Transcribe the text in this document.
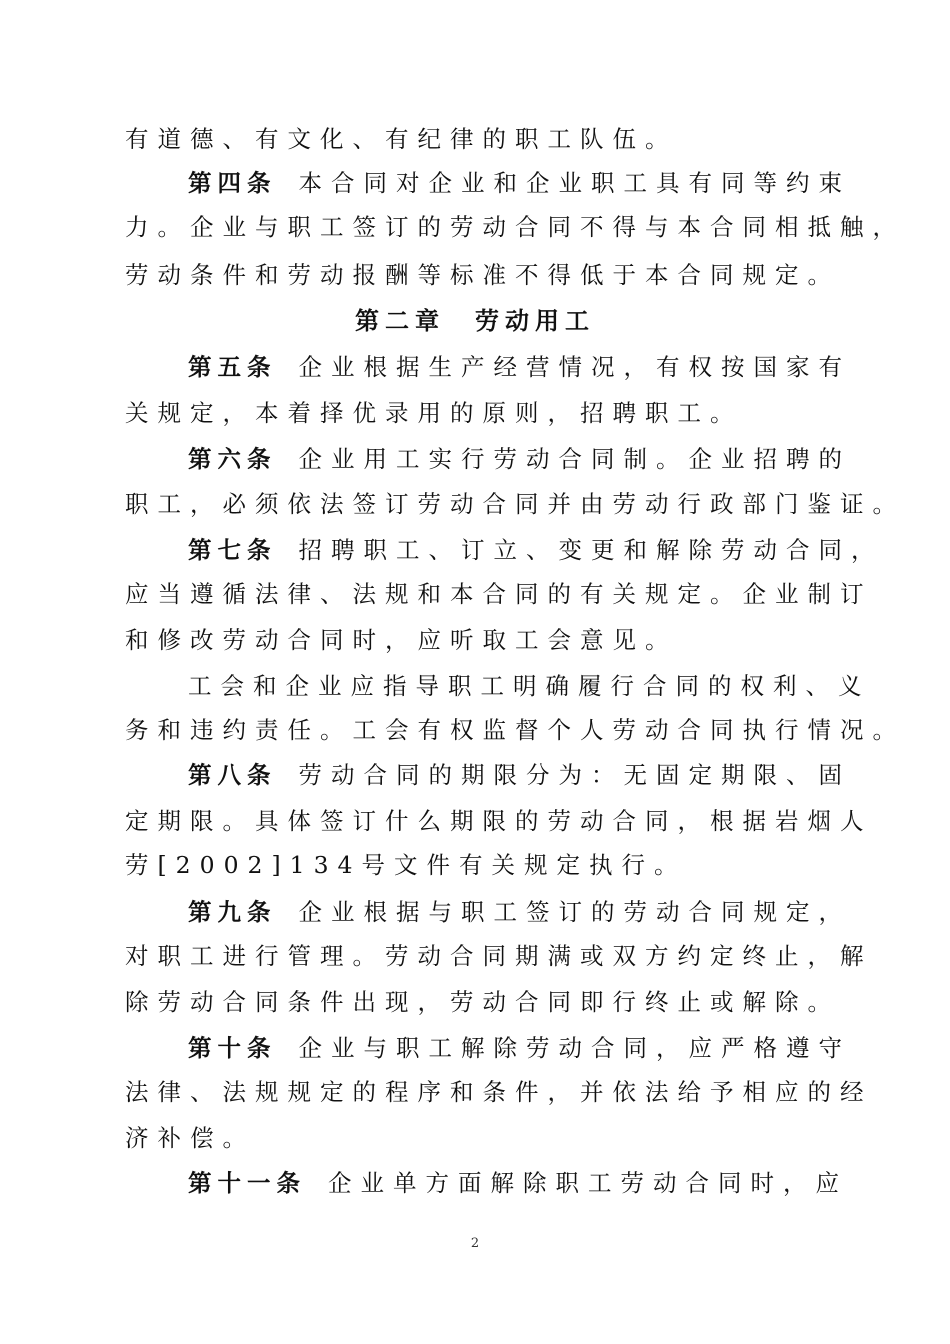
有道德、有文化、有纪律的职工队伍。
第四条 本合同对企业和企业职工具有同等约束
力。企业与职工签订的劳动合同不得与本合同相抵触，
劳动条件和劳动报酬等标准不得低于本合同规定。
第二章 劳动用工
第五条 企业根据生产经营情况，有权按国家有
关规定，本着择优录用的原则，招聘职工。
第六条 企业用工实行劳动合同制。企业招聘的
职工，必须依法签订劳动合同并由劳动行政部门鉴证。
第七条 招聘职工、订立、变更和解除劳动合同，
应当遵循法律、法规和本合同的有关规定。企业制订
和修改劳动合同时，应听取工会意见。
工会和企业应指导职工明确履行合同的权利、义
务和违约责任。工会有权监督个人劳动合同执行情况。
第八条 劳动合同的期限分为：无固定期限、固
定期限。具体签订什么期限的劳动合同，根据岩烟人
劳[2002]134号文件有关规定执行。
第九条 企业根据与职工签订的劳动合同规定，
对职工进行管理。劳动合同期满或双方约定终止，解
除劳动合同条件出现，劳动合同即行终止或解除。
第十条 企业与职工解除劳动合同，应严格遵守
法律、法规规定的程序和条件，并依法给予相应的经
济补偿。
第十一条 企业单方面解除职工劳动合同时，应
2
